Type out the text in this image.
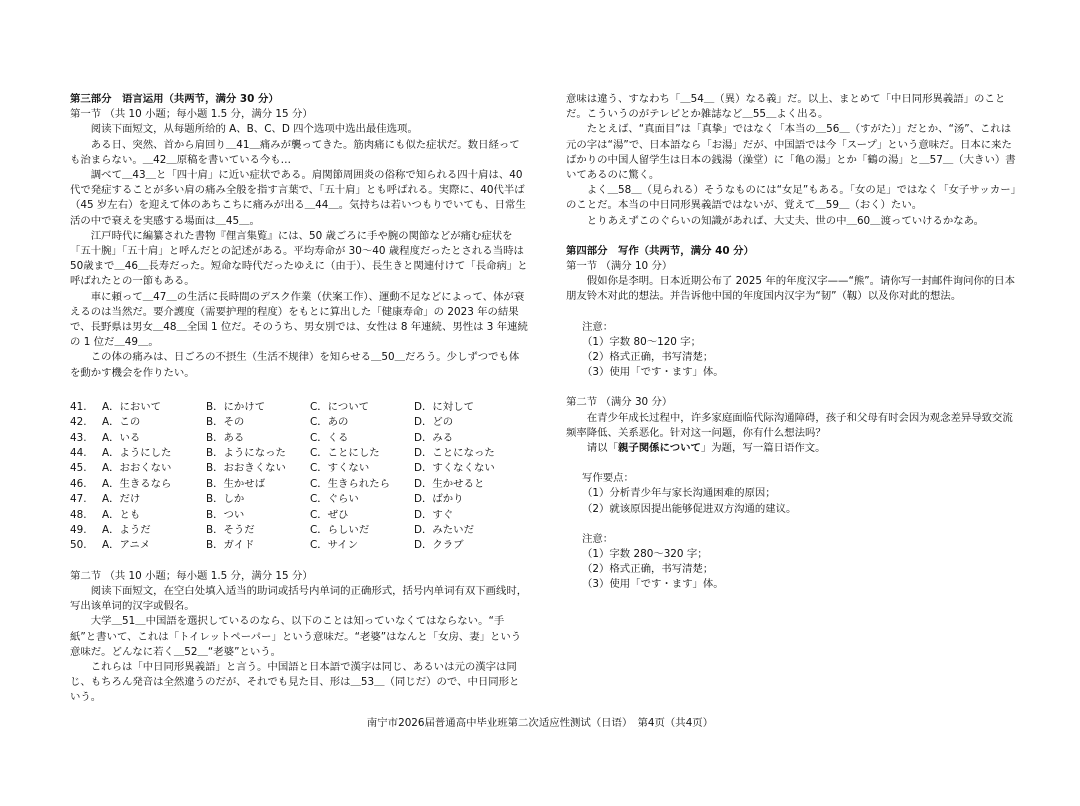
第三部分　语言运用（共两节，满分 30 分）

第一节 （共 10 小题；每小题 1.5 分，满分 15 分）

阅读下面短文，从每题所给的 A、B、C、D 四个选项中选出最佳选项。

ある日、突然、首から肩回り＿41＿痛みが襲ってきた。筋肉痛にも似た症状だ。数日経っても治まらない。＿42＿原稿を書いている今も…

調べて＿43＿と「四十肩」に近い症状である。肩関節周囲炎の俗称で知られる四十肩は、40代で発症することが多い肩の痛み全般を指す言葉で、「五十肩」とも呼ばれる。実際に、40代半ば（45 岁左右）を迎えて体のあちこちに痛みが出る＿44＿。気持ちは若いつもりでいても、日常生活の中で衰えを実感する場面は＿45＿。

江戸時代に編纂された書物『俚言集覧』には、50 歳ごろに手や腕の関節などが痛む症状を「五十腕」「五十肩」と呼んだとの記述がある。平均寿命が 30～40 歳程度だったとされる当時は 50歳まで＿46＿長寿だった。短命な時代だったゆえに（由于）、長生きと関連付けて「長命病」と呼ばれたとの一節もある。

車に頼って＿47＿の生活に長時間のデスク作業（伏案工作）、運動不足などによって、体が衰えるのは当然だ。要介護度（需要护理的程度）をもとに算出した「健康寿命」の 2023 年の結果で、長野県は男女＿48＿全国 1 位だ。そのうち、男女別では、女性は 8 年連続、男性は 3 年連続の 1 位だ＿49＿。

この体の痛みは、日ごろの不摂生（生活不规律）を知らせる＿50＿だろう。少しずつでも体を動かす機会を作りたい。

41.	A．において	B．にかけて	C．について	D．に対して
42.	A．この	B．その	C．あの	D．どの
43.	A．いる	B．ある	C．くる	D．みる
44.	A．ようにした	B．ようになった	C．ことにした	D．ことになった
45.	A．おおくない	B．おおきくない	C．すくない	D．すくなくない
46.	A．生きるなら	B．生かせば	C．生きられたら	D．生かせると
47.	A．だけ	B．しか	C．ぐらい	D．ばかり
48.	A．とも	B．つい	C．ぜひ	D．すぐ
49.	A．ようだ	B．そうだ	C．らしいだ	D．みたいだ
50.	A．アニメ	B．ガイド	C．サイン	D．クラブ

第二节 （共 10 小题；每小题 1.5 分，满分 15 分）

阅读下面短文，在空白处填入适当的助词或括号内单词的正确形式，括号内单词有双下画线时，写出该单词的汉字或假名。

大学＿51＿中国語を選択しているのなら、以下のことは知っていなくてはならない。“手紙”と書いて、これは「トイレットペーパー」という意味だ。“老婆”はなんと「女房、妻」という意味だ。どんなに若く＿52＿“老婆”という。

これらは「中日同形異義語」と言う。中国語と日本語で漢字は同じ、あるいは元の漢字は同じ、もちろん発音は全然違うのだが、それでも見た目、形は＿53＿（同じだ）ので、中日同形という。

意味は違う、すなわち「＿54＿（異）なる義」だ。以上、まとめて「中日同形異義語」のことだ。こういうのがテレビとか雑誌など＿55＿よく出る。

たとえば、“真面目”は「真挚」ではなく「本当の＿56＿（すがた）」だとか、“汤”、これは元の字は“湯”で、日本語なら「お湯」だが、中国語では今「スープ」という意味だ。日本に来たばかりの中国人留学生は日本の銭湯（澡堂）に「亀の湯」とか「鶴の湯」と＿57＿（大きい）書いてあるのに驚く。

よく＿58＿（見られる）そうなものには“女足”もある。「女の足」ではなく「女子サッカー」のことだ。本当の中日同形異義語ではないが、覚えて＿59＿（おく）たい。

とりあえずこのぐらいの知識があれば、大丈夫、世の中＿60＿渡っていけるかなあ。

第四部分　写作（共两节，满分 40 分）

第一节 （满分 10 分）

假如你是李明。日本近期公布了 2025 年的年度汉字——“熊”。请你写一封邮件询问你的日本朋友铃木对此的想法。并告诉他中国的年度国内汉字为“韧”（靱）以及你对此的想法。

注意：

（1）字数 80～120 字；

（2）格式正确，书写清楚；

（3）使用「です・ます」体。

第二节 （满分 30 分）

在青少年成长过程中，许多家庭面临代际沟通障碍，孩子和父母有时会因为观念差异导致交流频率降低、关系恶化。针对这一问题，你有什么想法吗？

请以「親子関係について」为题，写一篇日语作文。

写作要点：

（1）分析青少年与家长沟通困难的原因；

（2）就该原因提出能够促进双方沟通的建议。

注意：

（1）字数 280～320 字；

（2）格式正确，书写清楚；

（3）使用「です・ます」体。

南宁市2026届普通高中毕业班第二次适应性测试（日语）　第4页（共4页）
